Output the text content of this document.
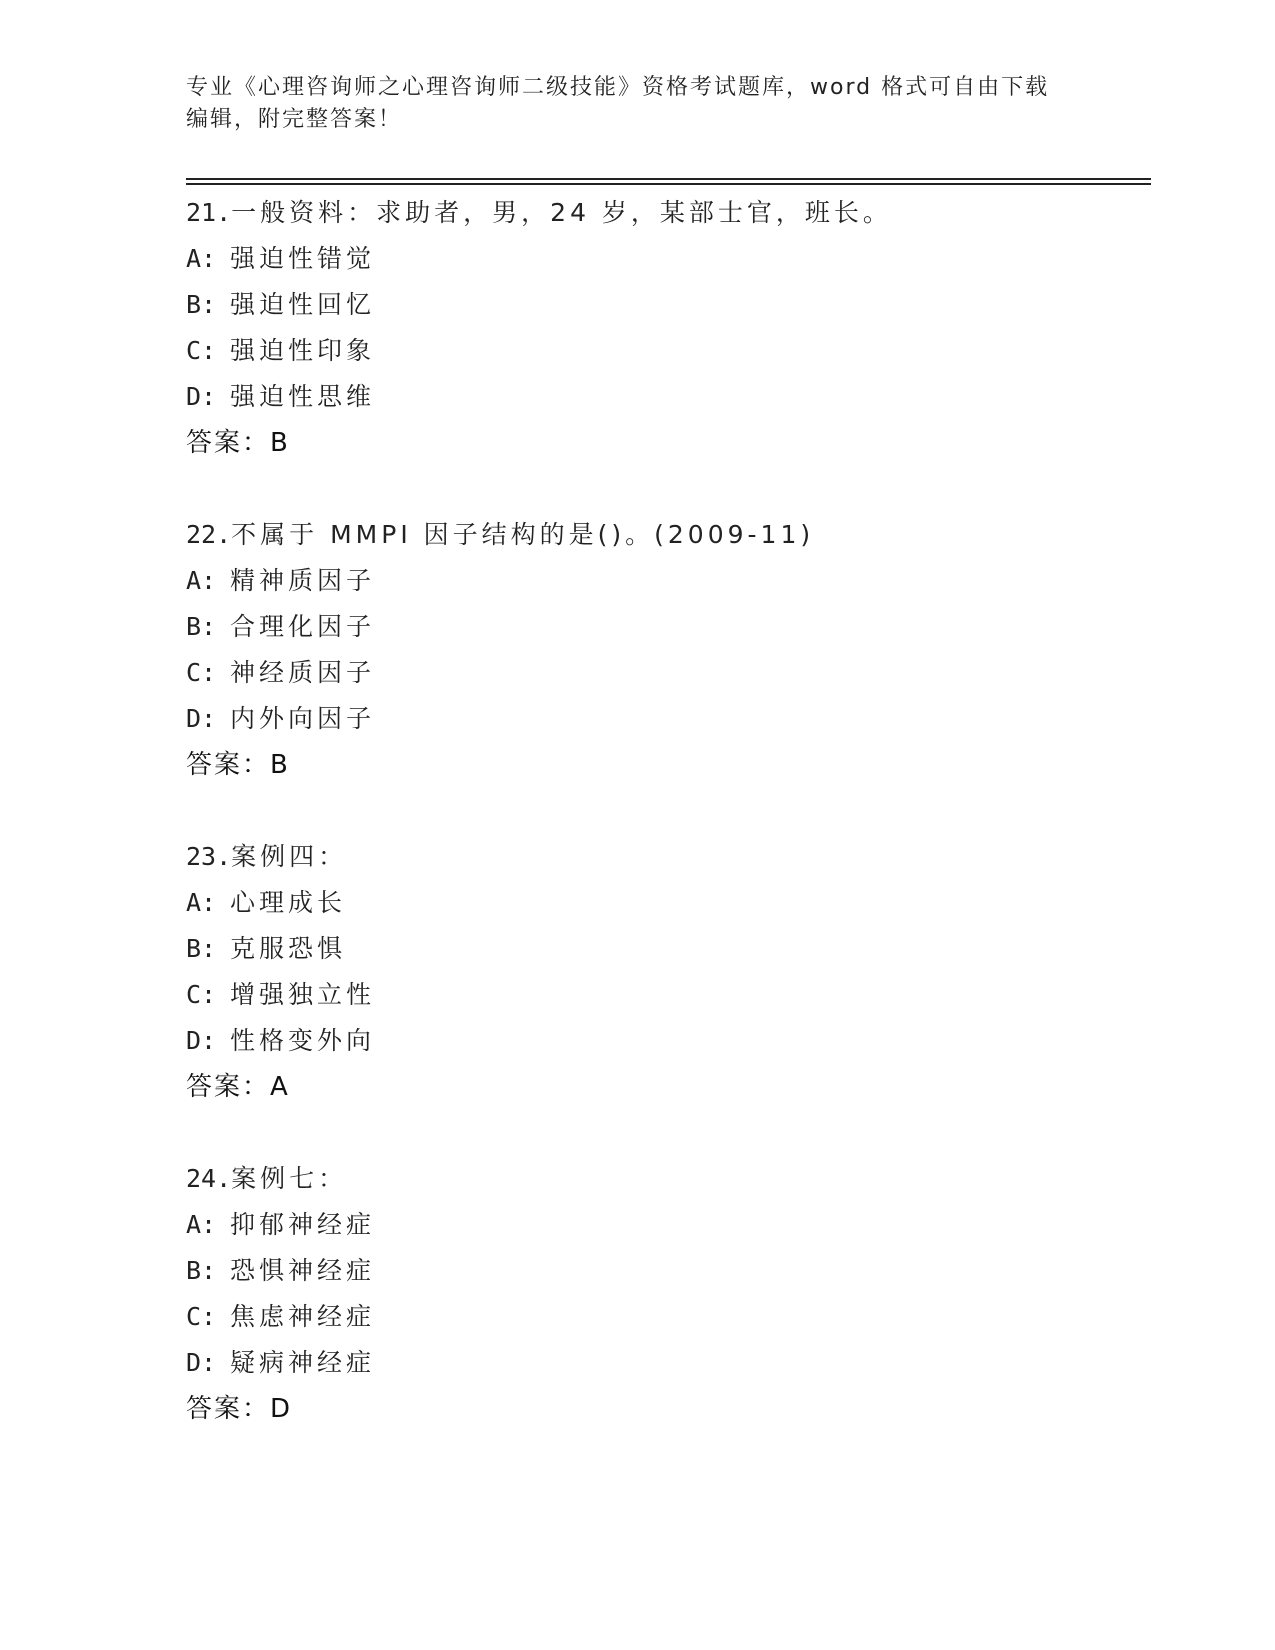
专业《心理咨询师之心理咨询师二级技能》资格考试题库，word 格式可自由下载
编辑，附完整答案！
21.一般资料：求助者，男，24 岁，某部士官，班长。
A: 强迫性错觉
B: 强迫性回忆
C: 强迫性印象
D: 强迫性思维
答案：B
22.不属于 MMPI 因子结构的是()。(2009-11)
A: 精神质因子
B: 合理化因子
C: 神经质因子
D: 内外向因子
答案：B
23.案例四：
A: 心理成长
B: 克服恐惧
C: 增强独立性
D: 性格变外向
答案：A
24.案例七：
A: 抑郁神经症
B: 恐惧神经症
C: 焦虑神经症
D: 疑病神经症
答案：D
